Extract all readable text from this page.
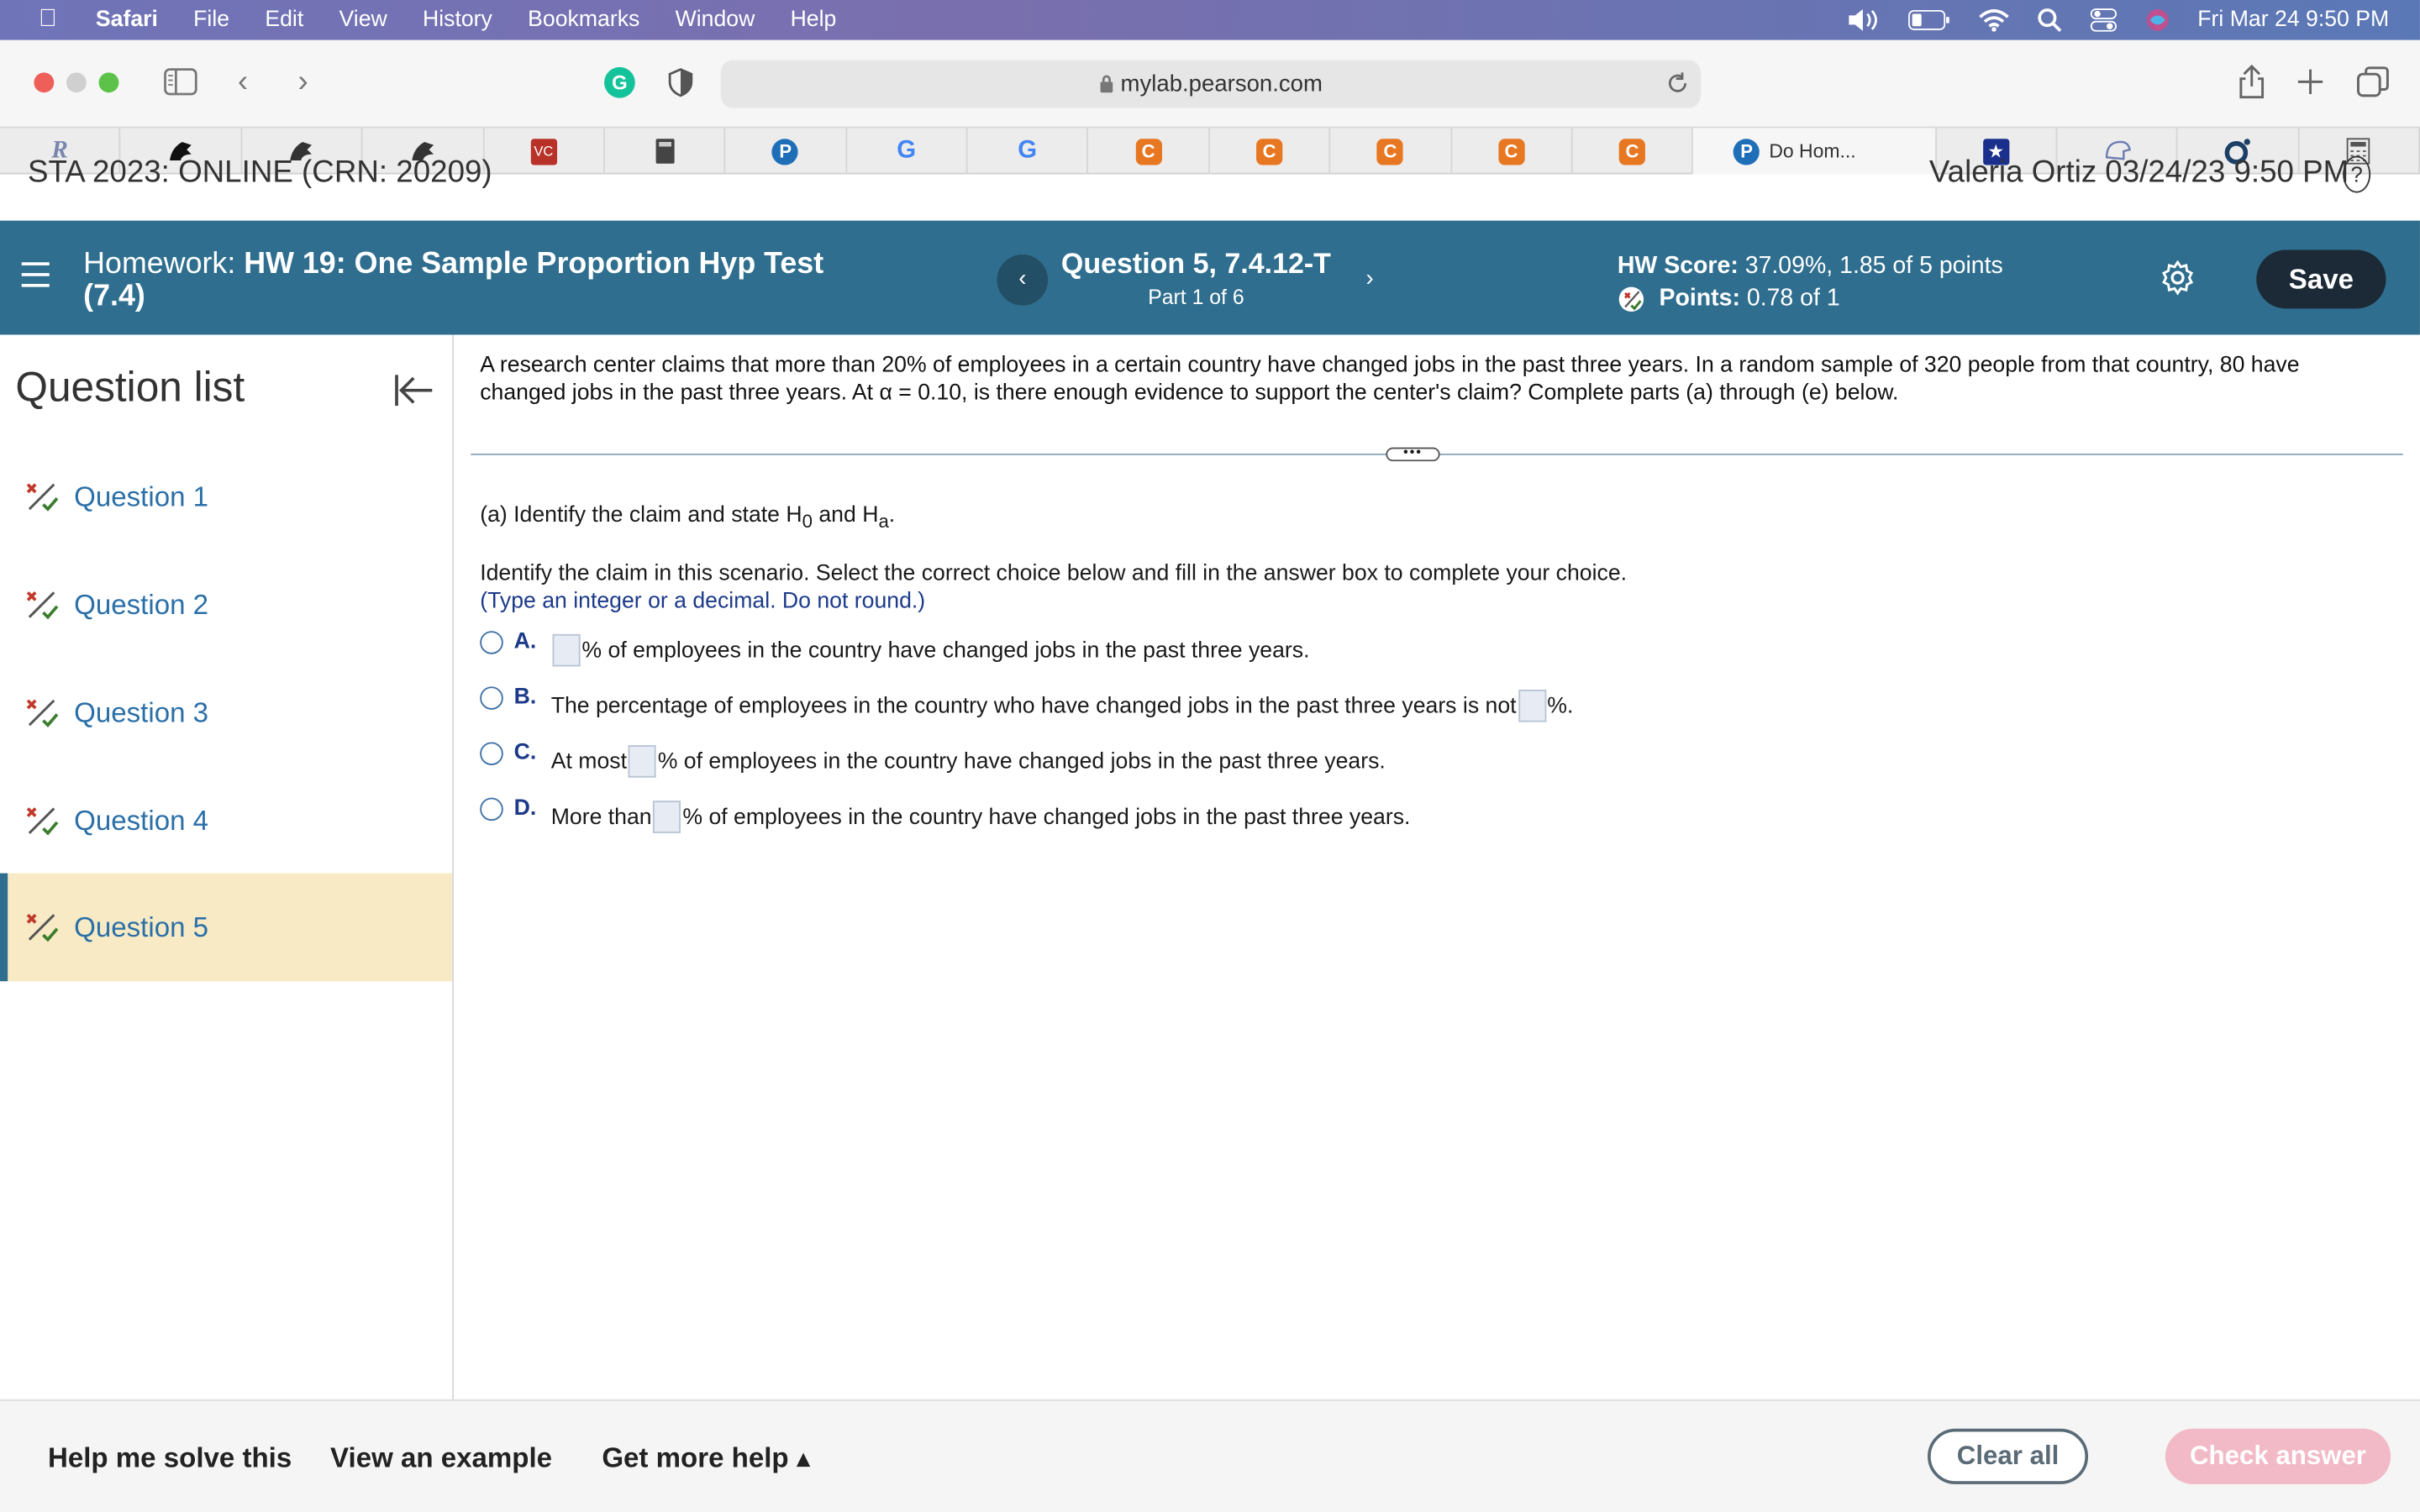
Safari	File	Edit	View	History	Bookmarks	Window	Help	Fri Mar 24 9:50 PM
‹	›	G	mylab.pearson.com
R	VC	P	G	G	C	C	C	C	C	P	Do Hom...	★
STA 2023: ONLINE (CRN: 20209)	Valeria Ortiz 03/24/23 9:50 PM ?
Homework: HW 19: One Sample Proportion Hyp Test (7.4)
‹	Question 5, 7.4.12-T
Part 1 of 6
›	HW Score: 37.09%, 1.85 of 5 points
Points:
0.78 of 1
Save
Question list
Question 1
Question 2
Question 3
Question 4
Question 5
A research center claims that more than 20% of employees in a certain country have changed jobs in the past three years. In a random sample of 320 people from that country, 80 have changed jobs in the past three years. At α = 0.10, is there enough evidence to support the center's claim? Complete parts (a) through (e) below.
•••
(a) Identify the claim and state $H_0$ and $H_a$.
Identify the claim in this scenario. Select the correct choice below and fill in the answer box to complete your choice.
(Type an integer or a decimal. Do not round.)
A.	% of employees in the country have changed jobs in the past three years.
B.	The percentage of employees in the country who have changed jobs in the past three years is not	%.
C.	At most	% of employees in the country have changed jobs in the past three years.
D.	More than	% of employees in the country have changed jobs in the past three years.
Help me solve this	View an example	Get more help ▴	Clear all	Check answer
